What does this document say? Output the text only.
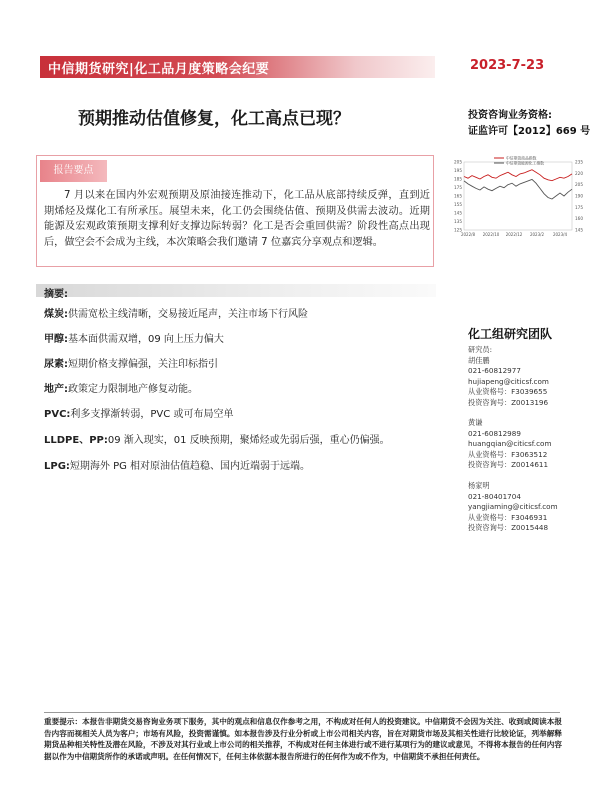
中信期货研究|化工品月度策略会纪要	2023-7-23
预期推动估值修复，化工高点已现？	投资咨询业务资格:
证监许可【2012】669 号
报告要点
7 月以来在国内外宏观预期及原油接连推动下，化工品从底部持续反弹，直到近期烯烃及煤化工有所承压。展望未来，化工仍会围绕估值、预期及供需去波动。近期能源及宏观政策预期支撑利好支撑边际转弱？化工是否会重回供需？阶段性高点出现后，做空会不会成为主线，本次策略会我们邀请 7 位嘉宾分享观点和逻辑。
205
195
185
175
165
155
145
135
125
235
220
205
190
175
160
145
2022/8 2022/10 2022/12 2023/2 2023/4
中信期货商品指数
中信期货能源化工指数
摘要:
煤炭:供需宽松主线清晰，交易接近尾声，关注市场下行风险
甲醇:基本面供需双增，09 向上压力偏大
尿素:短期价格支撑偏强，关注印标指引
地产:政策定力限制地产修复动能。
PVC:利多支撑渐转弱，PVC 或可布局空单
LLDPE、PP:09 渐入现实，01 反映预期，聚烯烃或先弱后强，重心仍偏强。
LPG:短期海外 PG 相对原油估值趋稳、国内近端弱于远端。
化工组研究团队
研究员:
胡佳鹏
021-60812977
hujiapeng@citicsf.com
从业资格号：F3039655
投资咨询号：Z0013196
黄谦
021-60812989
huangqian@citicsf.com
从业资格号：F3063512
投资咨询号：Z0014611
杨家明
021-80401704
yangjiaming@citicsf.com
从业资格号：F3046931
投资咨询号：Z0015448
重要提示：本报告非期货交易咨询业务项下服务，其中的观点和信息仅作参考之用，不构成对任何人的投资建议。中信期货不会因为关注、收到或阅读本报告内容而视相关人员为客户；市场有风险，投资需谨慎。如本报告涉及行业分析或上市公司相关内容，旨在对期货市场及其相关性进行比较论证，列举解释期货品种相关特性及潜在风险，不涉及对其行业或上市公司的相关推荐，不构成对任何主体进行或不进行某项行为的建议或意见，不得将本报告的任何内容据以作为中信期货所作的承诺或声明。在任何情况下，任何主体依据本报告所进行的任何作为或不作为，中信期货不承担任何责任。
